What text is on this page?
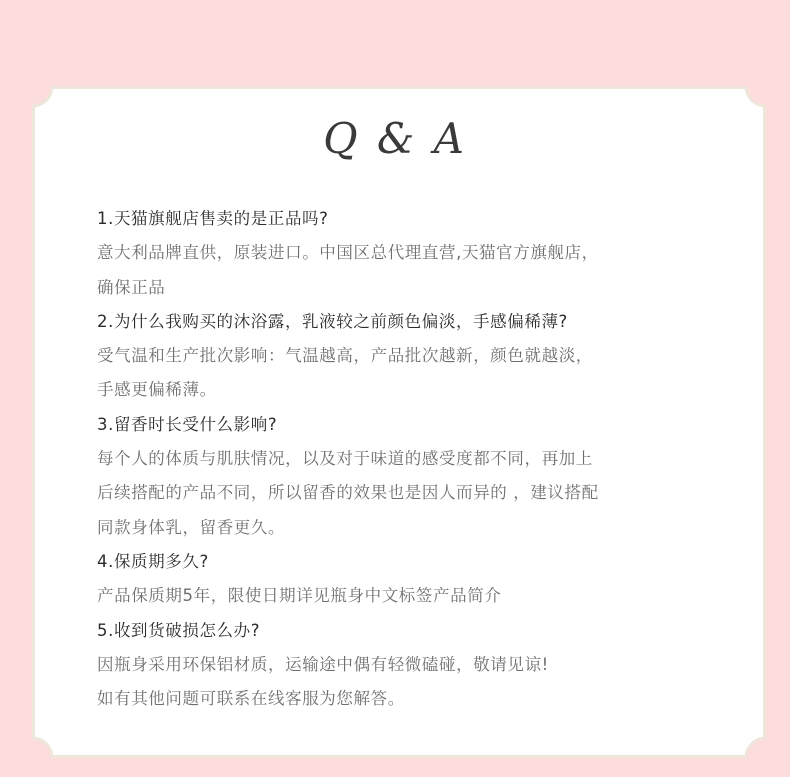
Q & A
1.天猫旗舰店售卖的是正品吗?
意大利品牌直供，原装进口。中国区总代理直营,天猫官方旗舰店，
确保正品
2.为什么我购买的沐浴露，乳液较之前颜色偏淡，手感偏稀薄?
受气温和生产批次影响：气温越高，产品批次越新，颜色就越淡，
手感更偏稀薄。
3.留香时长受什么影响?
每个人的体质与肌肤情况，以及对于味道的感受度都不同，再加上
后续搭配的产品不同，所以留香的效果也是因人而异的 ，建议搭配
同款身体乳，留香更久。
4.保质期多久?
产品保质期5年，限使日期详见瓶身中文标签产品简介
5.收到货破损怎么办?
因瓶身采用环保铝材质，运输途中偶有轻微磕碰，敬请见谅!
如有其他问题可联系在线客服为您解答。
